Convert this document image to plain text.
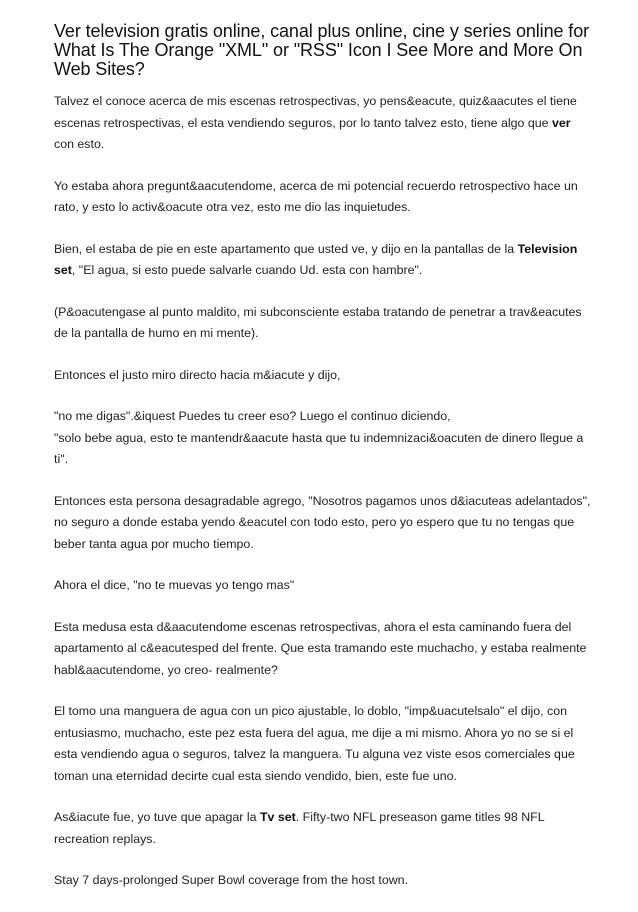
Ver television gratis online, canal plus online, cine y series online for What Is The Orange "XML" or "RSS" Icon I See More and More On Web Sites?

Talvez el conoce acerca de mis escenas retrospectivas, yo pens&eacute, quiz&aacutes el tiene escenas retrospectivas, el esta vendiendo seguros, por lo tanto talvez esto, tiene algo que ver con esto.

Yo estaba ahora pregunt&aacutendome, acerca de mi potencial recuerdo retrospectivo hace un rato, y esto lo activ&oacute otra vez, esto me dio las inquietudes.

Bien, el estaba de pie en este apartamento que usted ve, y dijo en la pantallas de la Television set, "El agua, si esto puede salvarle cuando Ud. esta con hambre".

(P&oacutengase al punto maldito, mi subconsciente estaba tratando de penetrar a trav&eacutes de la pantalla de humo en mi mente).

Entonces el justo miro directo hacia m&iacute y dijo,

"no me digas".&iquest Puedes tu creer eso? Luego el continuo diciendo,
"solo bebe agua, esto te mantendr&aacute hasta que tu indemnizaci&oacuten de dinero llegue a ti".

Entonces esta persona desagradable agrego, "Nosotros pagamos unos d&iacuteas adelantados", no seguro a donde estaba yendo &eacutel con todo esto, pero yo espero que tu no tengas que beber tanta agua por mucho tiempo.

Ahora el dice, "no te muevas yo tengo mas"

Esta medusa esta d&aacutendome escenas retrospectivas, ahora el esta caminando fuera del apartamento al c&eacutesped del frente. Que esta tramando este muchacho, y estaba realmente habl&aacutendome, yo creo- realmente?

El tomo una manguera de agua con un pico ajustable, lo doblo, "imp&uacutelsalo" el dijo, con entusiasmo, muchacho, este pez esta fuera del agua, me dije a mi mismo. Ahora yo no se si el esta vendiendo agua o seguros, talvez la manguera. Tu alguna vez viste esos comerciales que toman una eternidad decirte cual esta siendo vendido, bien, este fue uno.

As&iacute fue, yo tuve que apagar la Tv set. Fifty-two NFL preseason game titles 98 NFL recreation replays.

Stay 7 days-prolonged Super Bowl coverage from the host town.
